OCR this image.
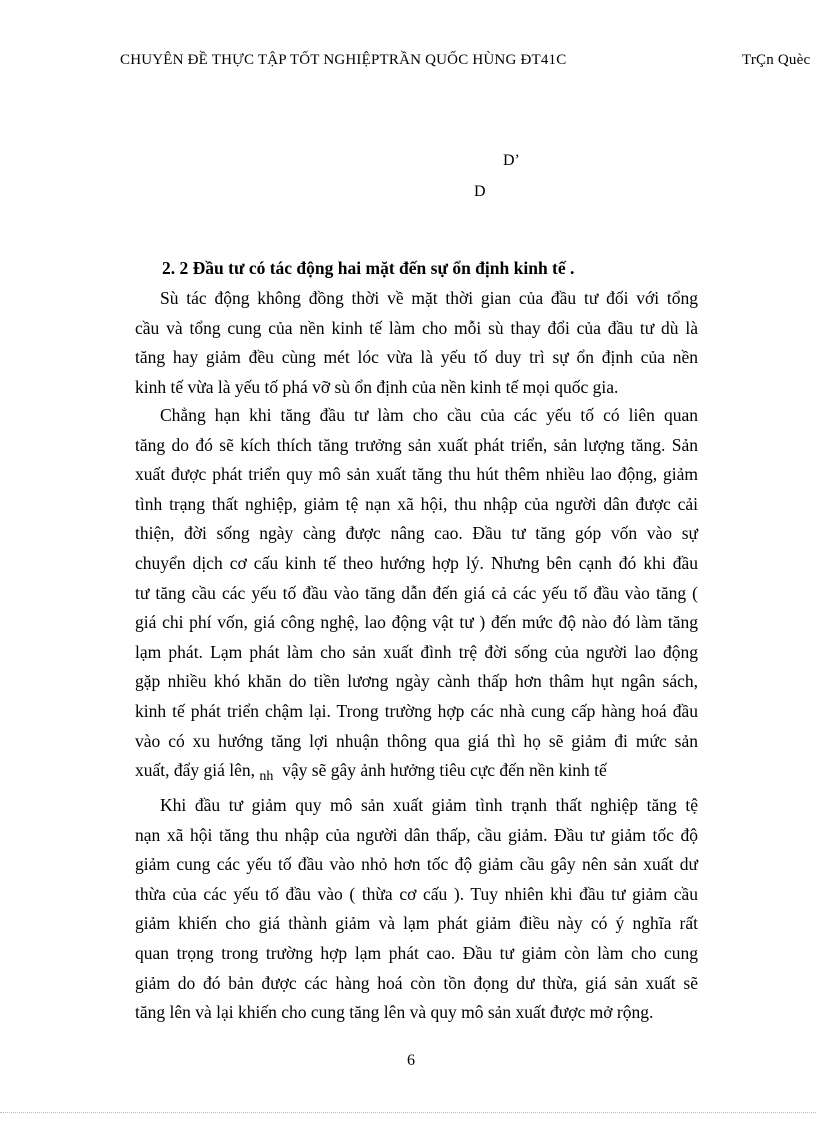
CHUYÊN ĐỀ THỰC TẬP TỐT NGHIỆPTRẦN QUỐC HÙNG ĐT41C	TrÇn Quèc
D’
D
2. 2 Đầu tư có tác động hai mặt đến sự ổn định kinh tế .
Sù tác động không đồng thời về mặt thời gian của đầu tư đối với tổng
cầu và tổng cung của nền kinh tế làm cho mỗi sù thay đổi của đầu tư dù là
tăng hay giảm đều cùng mét lóc vừa là yếu tố duy trì sự ổn định của nền
kinh tế vừa là yếu tố phá vỡ sù ổn định của nền kinh tế mọi quốc gia.
Chẳng hạn khi tăng đầu tư làm cho cầu của các yếu tố có liên quan
tăng do đó sẽ kích thích tăng trưởng sản xuất phát triển, sản lượng tăng. Sản
xuất được phát triển quy mô sản xuất tăng thu hút thêm nhiều lao động, giảm
tình trạng thất nghiệp, giảm tệ nạn xã hội, thu nhập của người dân được cải
thiện, đời sống ngày càng được nâng cao. Đầu tư tăng góp vốn vào sự
chuyển dịch cơ cấu kinh tế theo hướng hợp lý. Nhưng bên cạnh đó khi đầu
tư tăng cầu các yếu tố đầu vào tăng dẫn đến giá cả các yếu tố đầu vào tăng (
giá chi phí vốn, giá công nghệ, lao động vật tư ) đến mức độ nào đó làm tăng
lạm phát. Lạm phát làm cho sản xuất đình trệ đời sống của người lao động
gặp nhiều khó khăn do tiền lương ngày cành thấp hơn thâm hụt ngân sách,
kinh tế phát triển chậm lại. Trong trường hợp các nhà cung cấp hàng hoá đầu
vào có xu hướng tăng lợi nhuận thông qua giá thì họ sẽ giảm đi mức sản
xuất, đẩy giá lên, $_{nh}$  vậy sẽ gây ảnh hưởng tiêu cực đến nền kinh tế
Khi đầu tư giảm quy mô sản xuất giảm tình trạnh thất nghiệp tăng tệ
nạn xã hội tăng thu nhập của người dân thấp, cầu giảm. Đầu tư giảm tốc độ
giảm cung các yếu tố đầu vào nhỏ hơn tốc độ giảm cầu gây nên sản xuất dư
thừa của các yếu tố đầu vào ( thừa cơ cấu ). Tuy nhiên khi đầu tư giảm cầu
giảm khiến cho giá thành giảm và lạm phát giảm điều này có ý nghĩa rất
quan trọng trong trường hợp lạm phát cao. Đầu tư giảm còn làm cho cung
giảm do đó bản được các hàng hoá còn tồn đọng dư thừa, giá sản xuất sẽ
tăng lên và lại khiến cho cung tăng lên và quy mô sản xuất được mở rộng.
6
